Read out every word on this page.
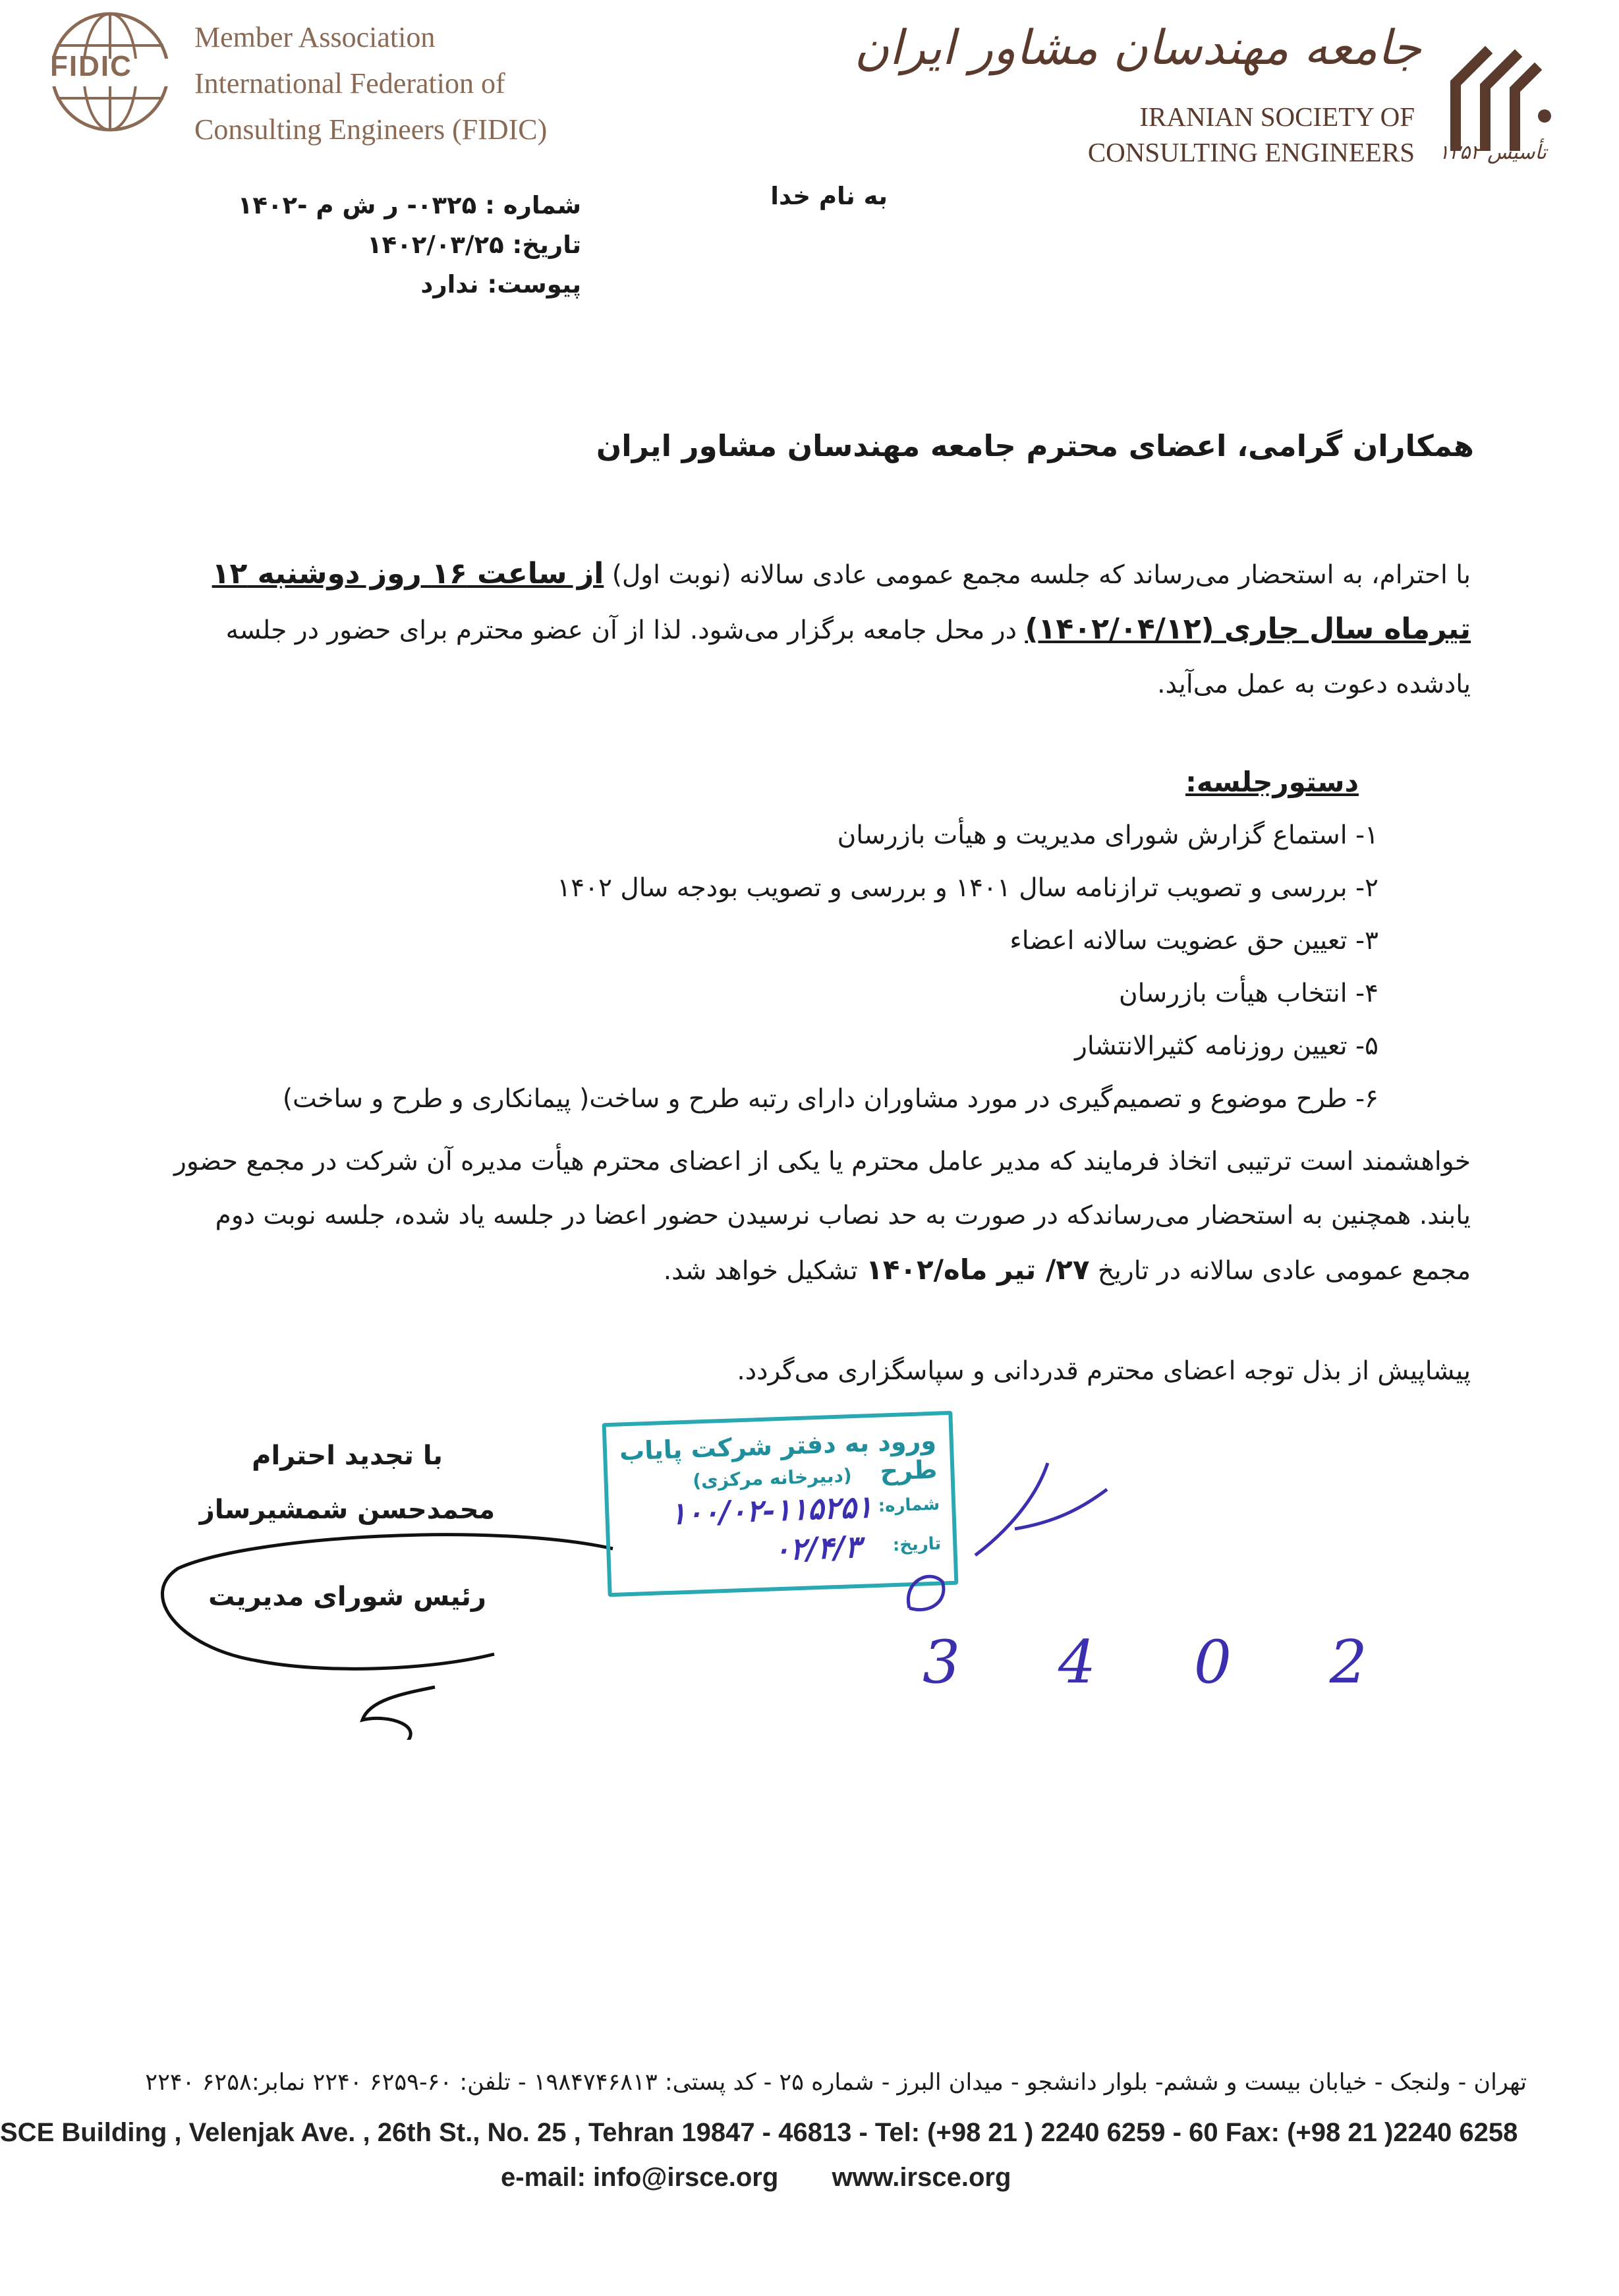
FIDIC
Member Association
International Federation of
Consulting Engineers (FIDIC)
جامعه مهندسان مشاور ایران
IRANIAN SOCIETY OF
CONSULTING ENGINEERS تأسیس ۱۳۵۲
به نام خدا
شماره : ۰۳۲۵- ر ش م -۱۴۰۲
تاریخ: ۱۴۰۲/۰۳/۲۵
پیوست: ندارد
همکاران گرامی، اعضای محترم جامعه مهندسان مشاور ایران
با احترام، به استحضار می‌رساند که جلسه مجمع عمومی عادی سالانه (نوبت اول) از ساعت ۱۶ روز دوشنبه ۱۲ تیرماه سال جاری (۱۴۰۲/۰۴/۱۲) در محل جامعه برگزار می‌شود. لذا از آن عضو محترم برای حضور در جلسه یادشده دعوت به عمل می‌آید.
دستورجلسه:
۱- استماع گزارش شورای مدیریت و هیأت بازرسان
۲- بررسی و تصویب ترازنامه سال ۱۴۰۱ و بررسی و تصویب بودجه سال ۱۴۰۲
۳- تعیین حق عضویت سالانه اعضاء
۴- انتخاب هیأت بازرسان
۵- تعیین روزنامه کثیرالانتشار
۶- طرح موضوع و تصمیم‌گیری در مورد مشاوران دارای رتبه طرح و ساخت( پیمانکاری و طرح و ساخت)
خواهشمند است ترتیبی اتخاذ فرمایند که مدیر عامل محترم یا یکی از اعضای محترم هیأت مدیره آن شرکت در مجمع حضور یابند. همچنین به استحضار می‌رساندکه در صورت به حد نصاب نرسیدن حضور اعضا در جلسه یاد شده، جلسه نوبت دوم مجمع عمومی عادی سالانه در تاریخ ۲۷/ تیر ماه/۱۴۰۲ تشکیل خواهد شد.
پیشاپیش از بذل توجه اعضای محترم قدردانی و سپاسگزاری می‌گردد.
با تجدید احترام
محمدحسن شمشیرساز
رئیس شورای مدیریت
ورود به دفتر شرکت پایاب طرح
(دبیرخانه مرکزی)
شماره:
۱۰۰/۰۲-۱۱۵۲۵۱
تاریخ:
۰۲/۴/۳
3 4 0 2
تهران - ولنجک - خیابان بیست و ششم- بلوار دانشجو - میدان البرز - شماره ۲۵ - کد پستی: ۱۹۸۴۷۴۶۸۱۳ - تلفن: ۶۰-۶۲۵۹ ۲۲۴۰ نمابر:۶۲۵۸ ۲۲۴۰
SCE Building , Velenjak Ave. , 26th St., No. 25 , Tehran 19847 - 46813 - Tel: (+98 21 ) 2240 6259 - 60 Fax: (+98 21 )2240 6258
e-mail: info@irsce.org www.irsce.org
